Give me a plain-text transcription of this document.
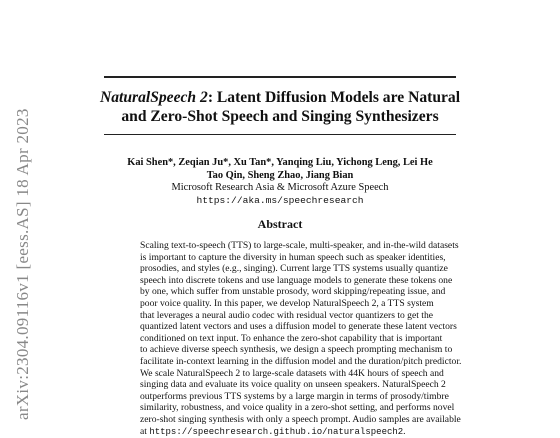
NaturalSpeech 2: Latent Diffusion Models are Natural
and Zero-Shot Speech and Singing Synthesizers
Kai Shen*, Zeqian Ju*, Xu Tan*, Yanqing Liu, Yichong Leng, Lei He
Tao Qin, Sheng Zhao, Jiang Bian
Microsoft Research Asia & Microsoft Azure Speech
https://aka.ms/speechresearch
Abstract
Scaling text-to-speech (TTS) to large-scale, multi-speaker, and in-the-wild datasets
is important to capture the diversity in human speech such as speaker identities,
prosodies, and styles (e.g., singing). Current large TTS systems usually quantize
speech into discrete tokens and use language models to generate these tokens one
by one, which suffer from unstable prosody, word skipping/repeating issue, and
poor voice quality. In this paper, we develop NaturalSpeech 2, a TTS system
that leverages a neural audio codec with residual vector quantizers to get the
quantized latent vectors and uses a diffusion model to generate these latent vectors
conditioned on text input. To enhance the zero-shot capability that is important
to achieve diverse speech synthesis, we design a speech prompting mechanism to
facilitate in-context learning in the diffusion model and the duration/pitch predictor.
We scale NaturalSpeech 2 to large-scale datasets with 44K hours of speech and
singing data and evaluate its voice quality on unseen speakers. NaturalSpeech 2
outperforms previous TTS systems by a large margin in terms of prosody/timbre
similarity, robustness, and voice quality in a zero-shot setting, and performs novel
zero-shot singing synthesis with only a speech prompt. Audio samples are available
at https://speechresearch.github.io/naturalspeech2.
arXiv:2304.09116v1 [eess.AS] 18 Apr 2023
